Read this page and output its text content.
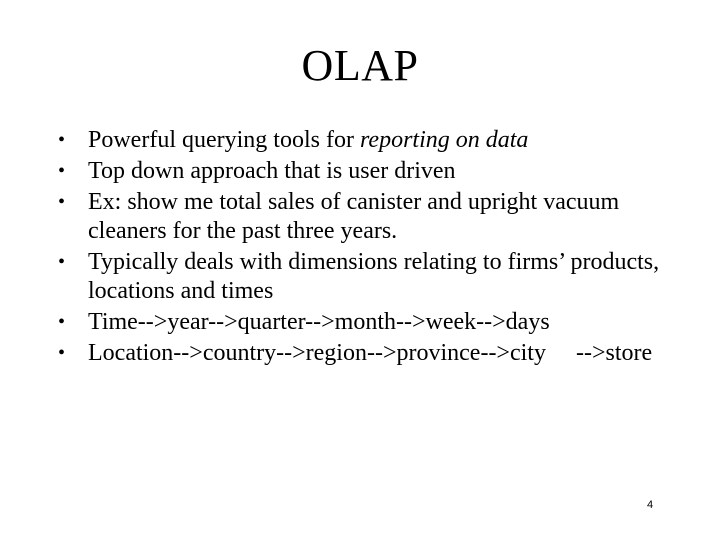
OLAP
• Powerful querying tools for reporting on data
• Top down approach that is user driven
• Ex: show me total sales of canister and upright vacuum cleaners for the past three years.
• Typically deals with dimensions relating to firms’ products, locations and times
• Time-->year-->quarter-->month-->week-->days
• Location-->country-->region-->province-->city     -->store
4
